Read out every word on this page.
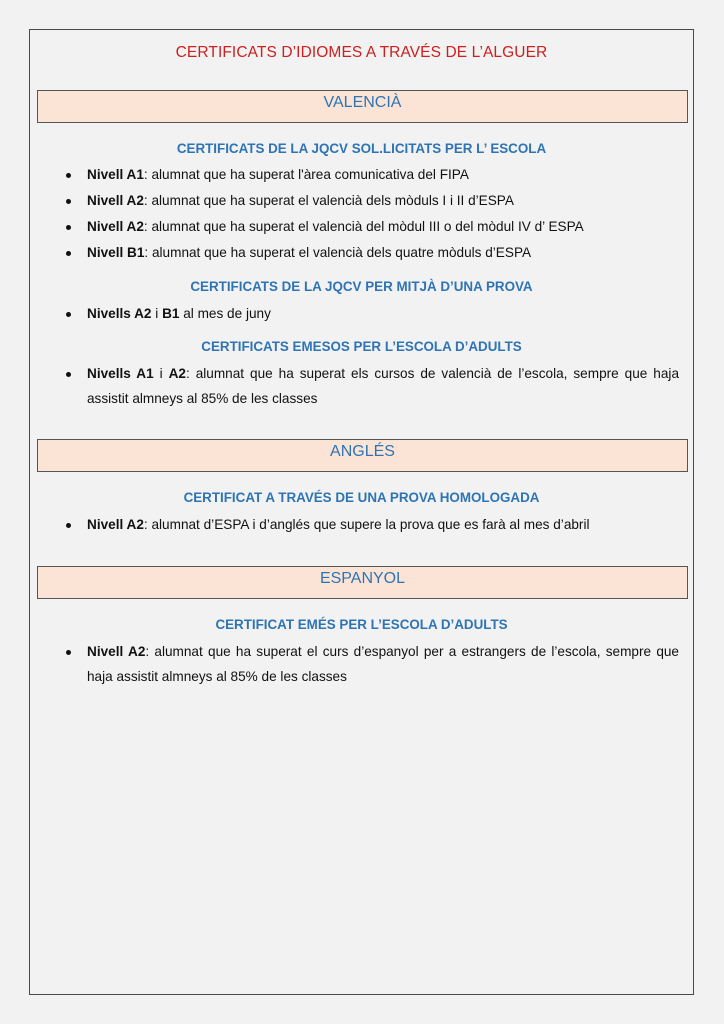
CERTIFICATS D’IDIOMES A TRAVÉS DE L’ALGUER
VALENCIÀ
CERTIFICATS DE LA JQCV SOL.LICITATS PER L’ ESCOLA
Nivell A1: alumnat que ha superat l'àrea comunicativa del FIPA
Nivell A2: alumnat que ha superat el valencià dels mòduls I i II d’ESPA
Nivell A2: alumnat que ha superat el valencià del mòdul III o del mòdul IV d’ ESPA
Nivell B1: alumnat que ha superat el valencià dels quatre mòduls d’ESPA
CERTIFICATS DE LA JQCV PER MITJÀ D’UNA PROVA
Nivells A2 i B1 al mes de juny
CERTIFICATS EMESOS PER L’ESCOLA D’ADULTS
Nivells A1 i A2: alumnat que ha superat els cursos de valencià de l’escola, sempre que haja assistit almneys al 85% de les classes
ANGLÉS
CERTIFICAT A TRAVÉS DE UNA PROVA HOMOLOGADA
Nivell A2: alumnat d’ESPA i d’anglés que supere la prova que es farà al mes d’abril
ESPANYOL
CERTIFICAT EMÉS PER L’ESCOLA D’ADULTS
Nivell A2: alumnat que ha superat el curs d’espanyol per a estrangers de l’escola, sempre que haja assistit almneys al 85% de les classes
